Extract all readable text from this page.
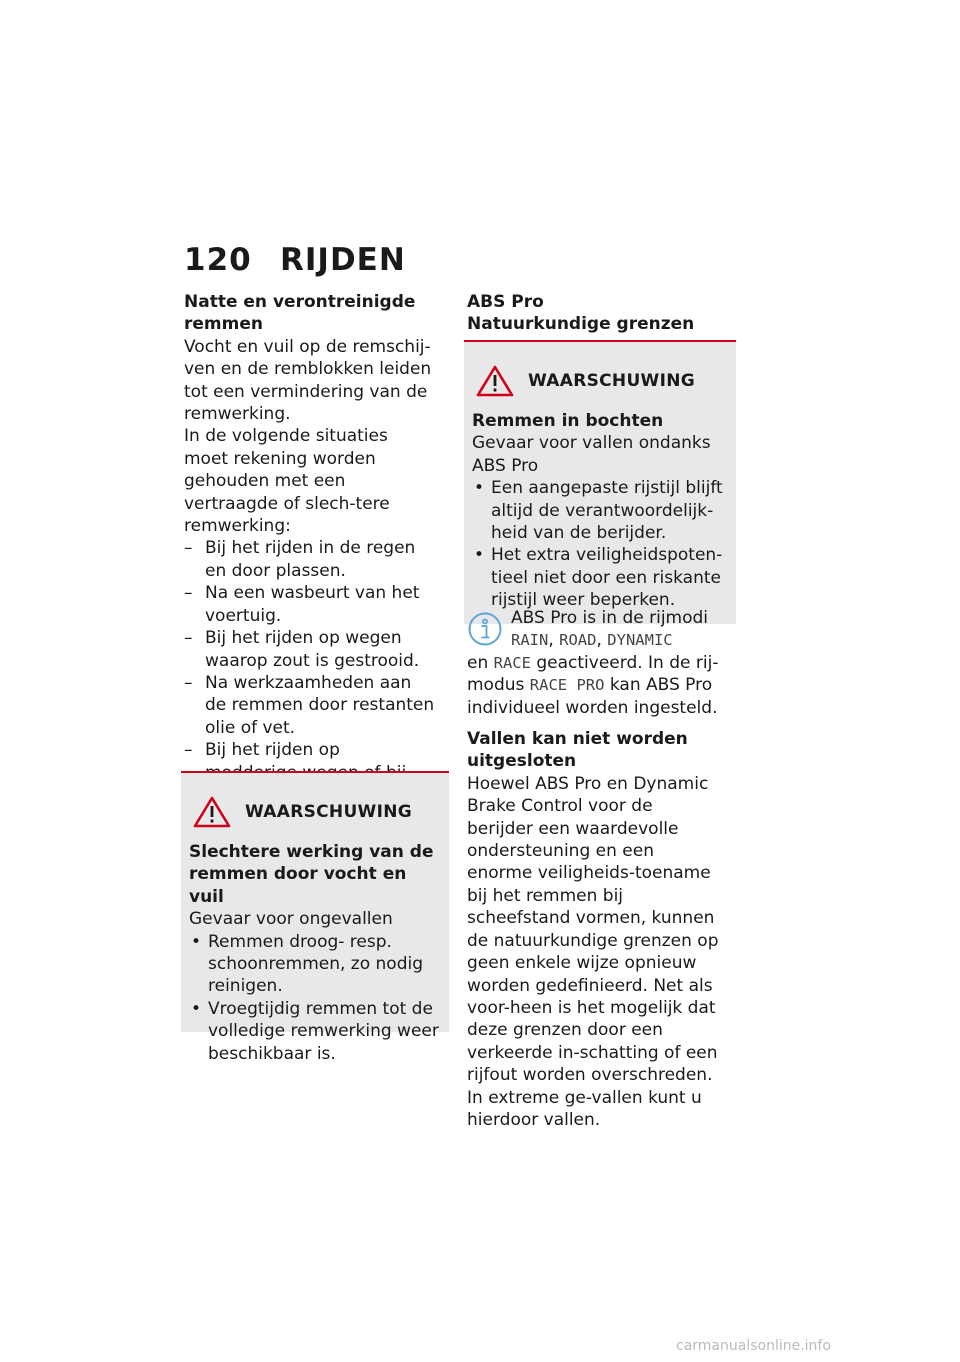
120 RIJDEN

Natte en verontreinigde remmen

Vocht en vuil op de remschij-ven en de remblokken leiden tot een vermindering van de remwerking.

In de volgende situaties moet rekening worden gehouden met een vertraagde of slech-tere remwerking:

– Bij het rijden in de regen en door plassen.
– Na een wasbeurt van het voertuig.
– Bij het rijden op wegen waarop zout is gestrooid.
– Na werkzaamheden aan de remmen door restanten olie of vet.
– Bij het rijden op
WAARSCHUWING

Slechtere werking van de remmen door vocht en vuil

Gevaar voor ongevallen

• Remmen droog- resp. schoonremmen, zo nodig reinigen.
• Vroegtijdig remmen tot de volledige remwerking weer beschikbaar is.

ABS Pro

Natuurkundige grenzen

WAARSCHUWING

Remmen in bochten

Gevaar voor vallen ondanks ABS Pro

• Een aangepaste rijstijl blijft altijd de verantwoordelijk-heid van de berijder.
• Het extra veiligheidspoten-tieel niet door een riskante rijstijl weer beperken.
ABS Pro is in de rijmodi RAIN, ROAD, DYNAMIC
en RACE geactiveerd. In de rij-modus RACE PRO kan ABS Pro individueel worden ingesteld.

Vallen kan niet worden uitgesloten

Hoewel ABS Pro en Dynamic Brake Control voor de berijder een waardevolle ondersteuning en een enorme veiligheids-toename bij het remmen bij scheefstand vormen, kunnen de natuurkundige grenzen op geen enkele wijze opnieuw worden gedefinieerd. Net als voor-heen is het mogelijk dat deze grenzen door een verkeerde in-schatting of een rijfout worden overschreden. In extreme ge-vallen kunt u hierdoor vallen.

carmanualsonline.info
